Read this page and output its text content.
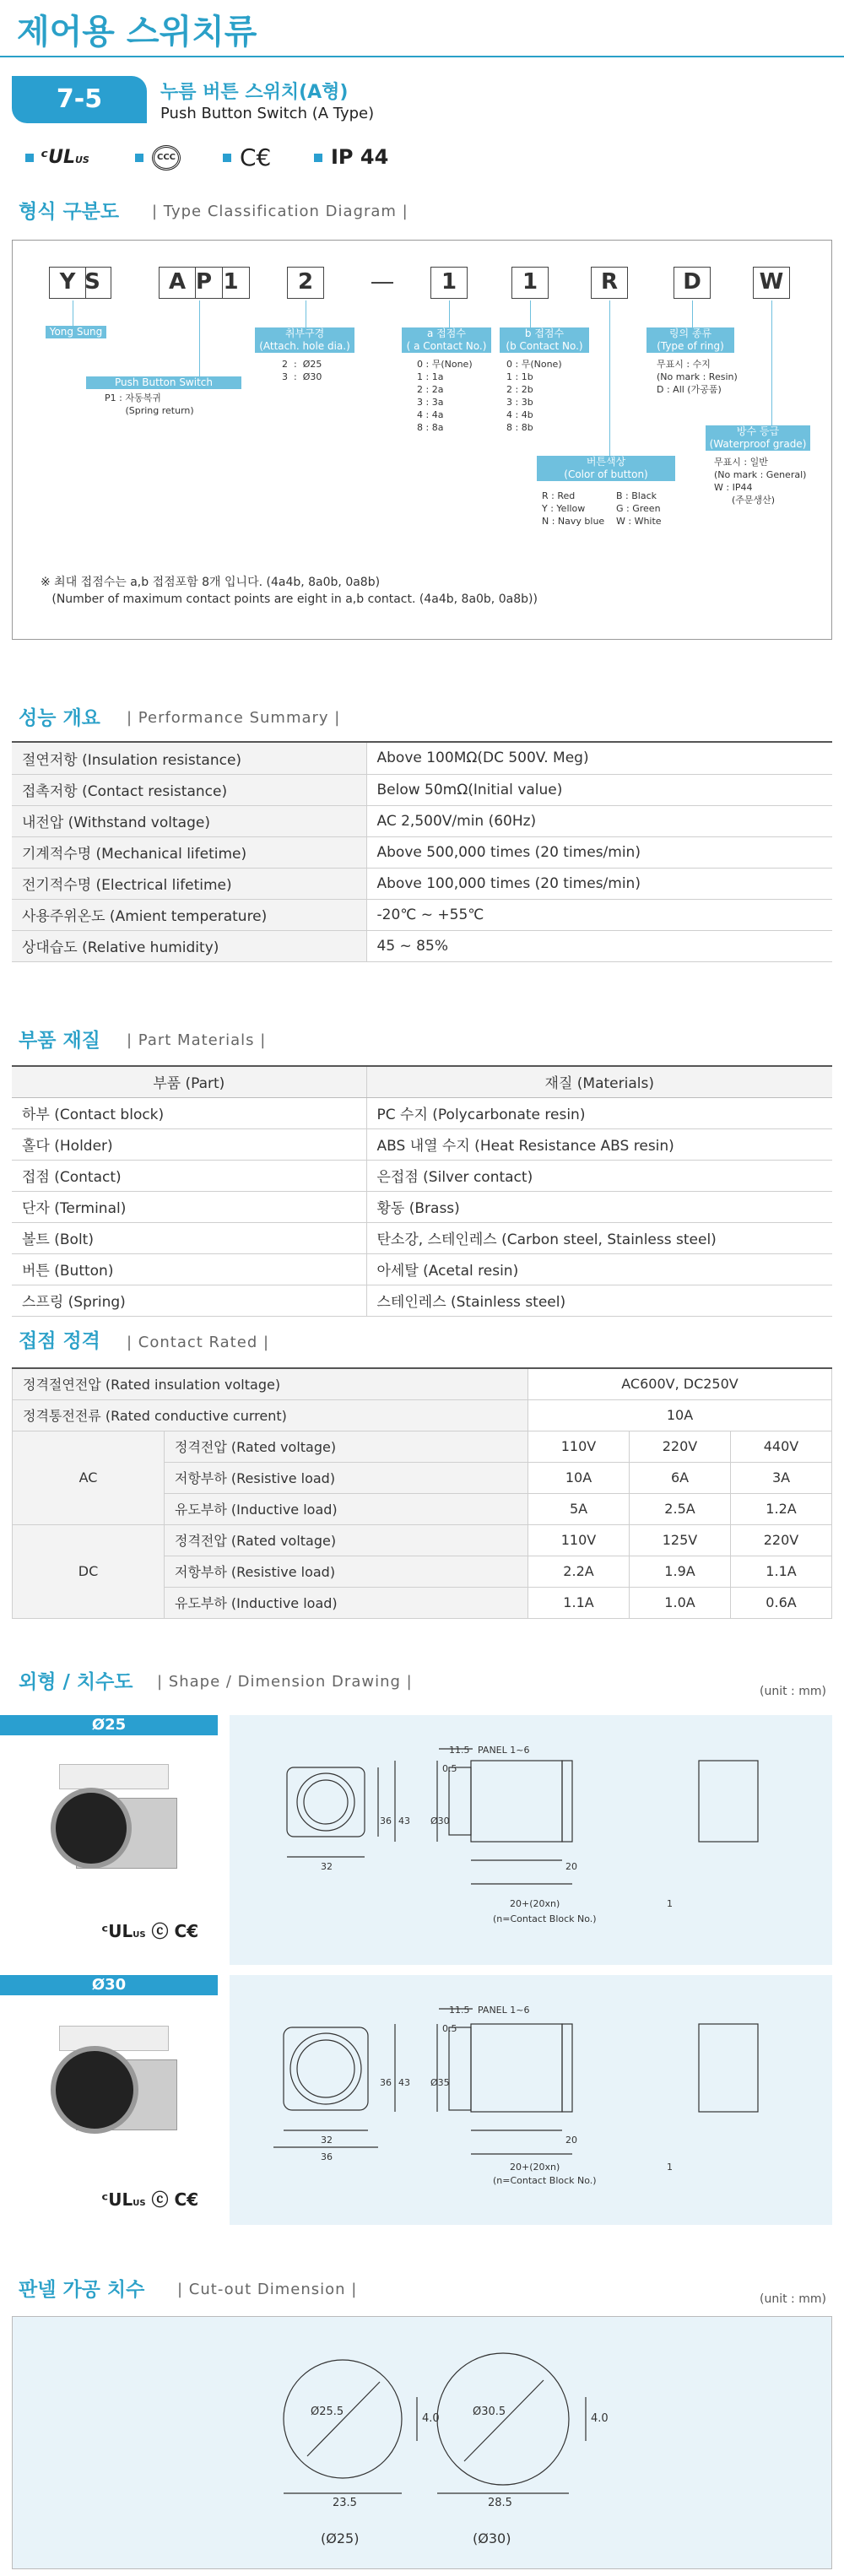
제어용 스위치류
7-5	누름 버튼 스위치(A형)
Push Button Switch (A Type)
ᶜULUS	CCC	C€	IP 44
형식 구분도 | Type Classification Diagram |
Y S	A P 1	2	1	1	R	D	W
Yong Sung
Push Button Switch
P1 : 자동복귀
(Spring return)
취부구경
(Attach. hole dia.)
2  :  Ø25
3  :  Ø30
a 접점수
( a Contact No.)
0 : 무(None)
1 : 1a
2 : 2a
3 : 3a
4 : 4a
8 : 8a
b 접점수
(b Contact No.)
0 : 무(None)
1 : 1b
2 : 2b
3 : 3b
4 : 4b
8 : 8b
버튼색상
(Color of button)
R : Red
Y : Yellow
N : Navy blue
B : Black
G : Green
W : White
링의 종류
(Type of ring)
무표시 : 수지
(No mark : Resin)
D : All (가공품)
방수 등급
(Waterproof grade)
무표시 : 일반
(No mark : General)
W : IP44
(주문생산)
※ 최대 접점수는 a,b 접점포함 8개 입니다. (4a4b, 8a0b, 0a8b)
(Number of maximum contact points are eight in a,b contact. (4a4b, 8a0b, 0a8b))
성능 개요 | Performance Summary |
절연저항 (Insulation resistance)	Above 100MΩ(DC 500V. Meg)
접촉저항 (Contact resistance)	Below 50mΩ(Initial value)
내전압 (Withstand voltage)	AC 2,500V/min (60Hz)
기계적수명 (Mechanical lifetime)	Above 500,000 times (20 times/min)
전기적수명 (Electrical lifetime)	Above 100,000 times (20 times/min)
사용주위온도 (Amient temperature)	-20℃ ~ +55℃
상대습도 (Relative humidity)	45 ~ 85%
부품 재질 | Part Materials |
부품 (Part)	재질 (Materials)
하부 (Contact block)	PC 수지 (Polycarbonate resin)
홀다 (Holder)	ABS 내열 수지 (Heat Resistance ABS resin)
접점 (Contact)	은접점 (Silver contact)
단자 (Terminal)	황동 (Brass)
볼트 (Bolt)	탄소강, 스테인레스 (Carbon steel, Stainless steel)
버튼 (Button)	아세탈 (Acetal resin)
스프링 (Spring)	스테인레스 (Stainless steel)
접점 정격 | Contact Rated |
정격절연전압 (Rated insulation voltage)		AC600V, DC250V		
정격통전전류 (Rated conductive current)		10A		
AC	정격전압 (Rated voltage)	110V	220V	440V
	저항부하 (Resistive load)	10A	6A	3A
	유도부하 (Inductive load)	5A	2.5A	1.2A
DC	정격전압 (Rated voltage)	110V	125V	220V
	저항부하 (Resistive load)	2.2A	1.9A	1.1A
	유도부하 (Inductive load)	1.1A	1.0A	0.6A
외형 / 치수도 | Shape / Dimension Drawing |
(unit : mm)
Ø25
ᶜULUS ⓒ C€
11.5 PANEL 1~6
0.5
36 43 Ø30
32	20
20+(20xn)	1
(n=Contact Block No.)
Ø30
ᶜULUS ⓒ C€
11.5 PANEL 1~6
0.5
36 43 Ø35
32
36
20
20+(20xn)	1
(n=Contact Block No.)
판넬 가공 치수 | Cut-out Dimension |
(unit : mm)
Ø25.5
23.5
4.0
(Ø25)
Ø30.5
28.5
4.0
(Ø30)
